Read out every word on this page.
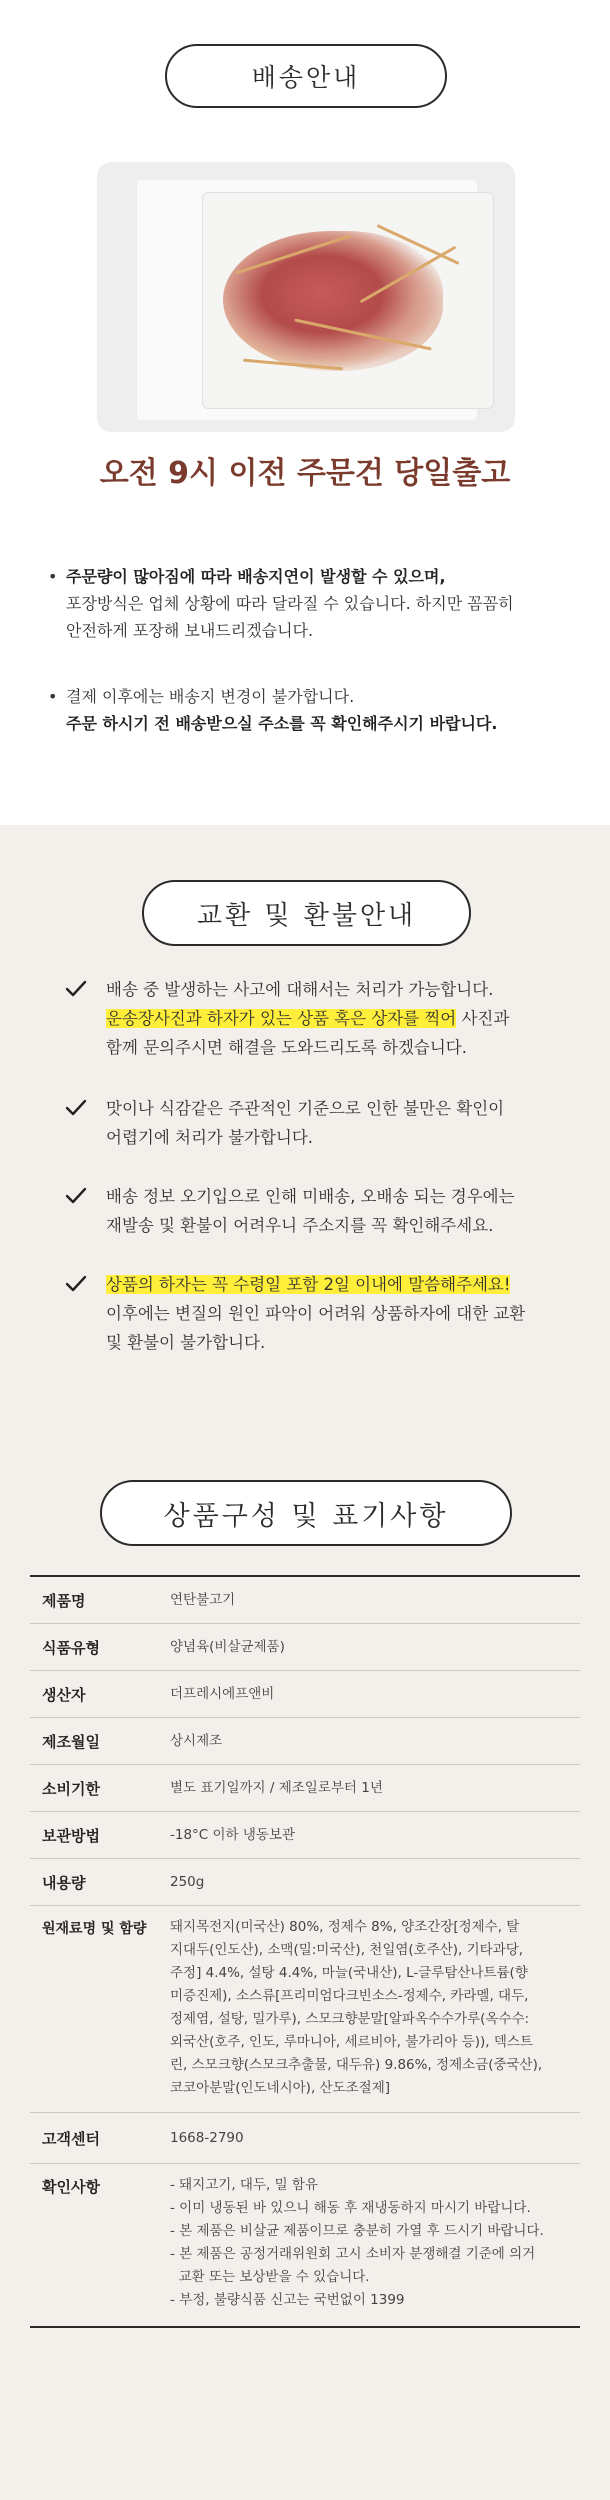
배송안내
오전 9시 이전 주문건 당일출고
• 주문량이 많아짐에 따라 배송지연이 발생할 수 있으며,
포장방식은 업체 상황에 따라 달라질 수 있습니다. 하지만 꼼꼼히
안전하게 포장해 보내드리겠습니다.
• 결제 이후에는 배송지 변경이 불가합니다.
주문 하시기 전 배송받으실 주소를 꼭 확인해주시기 바랍니다.
교환 및 환불안내
배송 중 발생하는 사고에 대해서는 처리가 가능합니다.
운송장사진과 하자가 있는 상품 혹은 상자를 찍어 사진과
함께 문의주시면 해결을 도와드리도록 하겠습니다.
맛이나 식감같은 주관적인 기준으로 인한 불만은 확인이
어렵기에 처리가 불가합니다.
배송 정보 오기입으로 인해 미배송, 오배송 되는 경우에는
재발송 및 환불이 어려우니 주소지를 꼭 확인해주세요.
상품의 하자는 꼭 수령일 포함 2일 이내에 말씀해주세요!
이후에는 변질의 원인 파악이 어려워 상품하자에 대한 교환
및 환불이 불가합니다.
상품구성 및 표기사항
제품명	연탄불고기
식품유형	양념육(비살균제품)
생산자	더프레시에프앤비
제조월일	상시제조
소비기한	별도 표기일까지 / 제조일로부터 1년
보관방법	-18°C 이하 냉동보관
내용량	250g
원재료명 및 함량	돼지목전지(미국산) 80%, 정제수 8%, 양조간장[정제수, 탈
지대두(인도산), 소맥(밀:미국산), 천일염(호주산), 기타과당,
주정] 4.4%, 설탕 4.4%, 마늘(국내산), L-글루탐산나트륨(향
미증진제), 소스류[프리미엄다크빈소스-정제수, 카라멜, 대두,
정제염, 설탕, 밀가루), 스모크향분말[알파옥수수가루(옥수수:
외국산(호주, 인도, 루마니아, 세르비아, 불가리아 등)), 덱스트
린, 스모크향(스모크추출물, 대두유) 9.86%, 정제소금(중국산),
코코아분말(인도네시아), 산도조절제]
고객센터	1668-2790
확인사항	- 돼지고기, 대두, 밀 함유
- 이미 냉동된 바 있으니 해동 후 재냉동하지 마시기 바랍니다.
- 본 제품은 비살균 제품이므로 충분히 가열 후 드시기 바랍니다.
- 본 제품은 공정거래위원회 고시 소비자 분쟁해결 기준에 의거
교환 또는 보상받을 수 있습니다.
- 부정, 불량식품 신고는 국번없이 1399
